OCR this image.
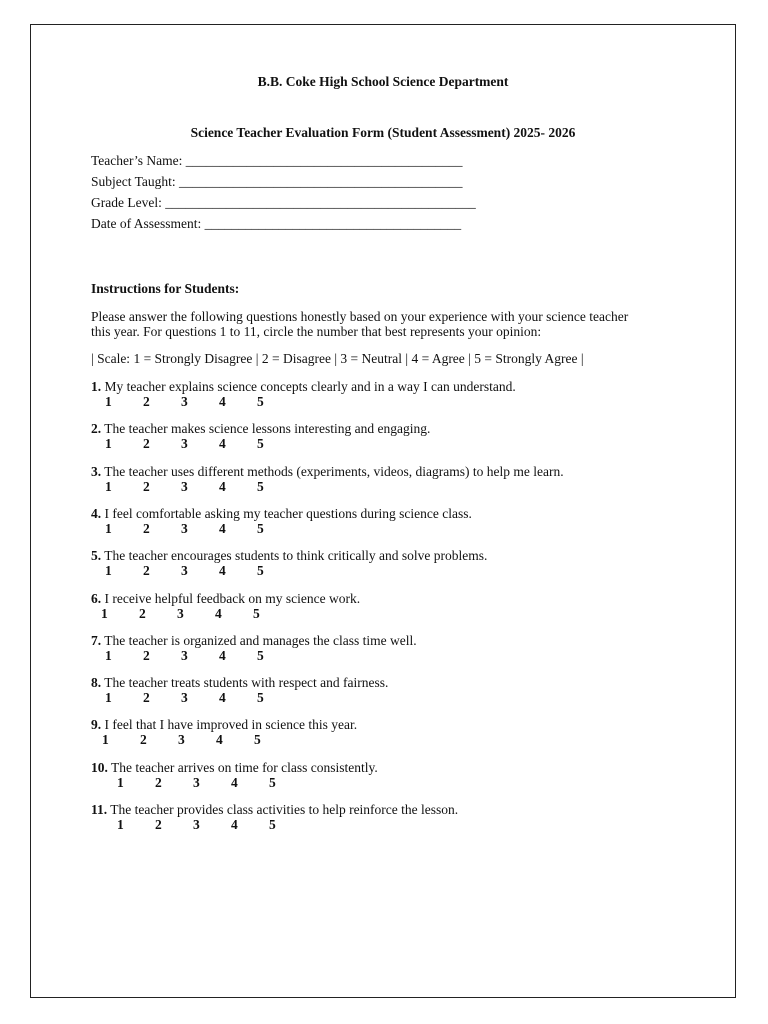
B.B. Coke High School Science Department
Science Teacher Evaluation Form (Student Assessment) 2025- 2026
Teacher’s Name: _________________________________________
Subject Taught: __________________________________________
Grade Level: ______________________________________________
Date of Assessment: ______________________________________
Instructions for Students:
Please answer the following questions honestly based on your experience with your science teacher this year. For questions 1 to 11, circle the number that best represents your opinion:
| Scale: 1 = Strongly Disagree | 2 = Disagree | 3 = Neutral | 4 = Agree | 5 = Strongly Agree |
1. My teacher explains science concepts clearly and in a way I can understand.
1	2	3	4	5
2. The teacher makes science lessons interesting and engaging.
1	2	3	4	5
3. The teacher uses different methods (experiments, videos, diagrams) to help me learn.
1	2	3	4	5
4. I feel comfortable asking my teacher questions during science class.
1	2	3	4	5
5. The teacher encourages students to think critically and solve problems.
1	2	3	4	5
6. I receive helpful feedback on my science work.
1	2	3	4	5
7. The teacher is organized and manages the class time well.
1	2	3	4	5
8. The teacher treats students with respect and fairness.
1	2	3	4	5
9. I feel that I have improved in science this year.
1	2	3	4	5
10. The teacher arrives on time for class consistently.
1	2	3	4	5
11. The teacher provides class activities to help reinforce the lesson.
1	2	3	4	5
